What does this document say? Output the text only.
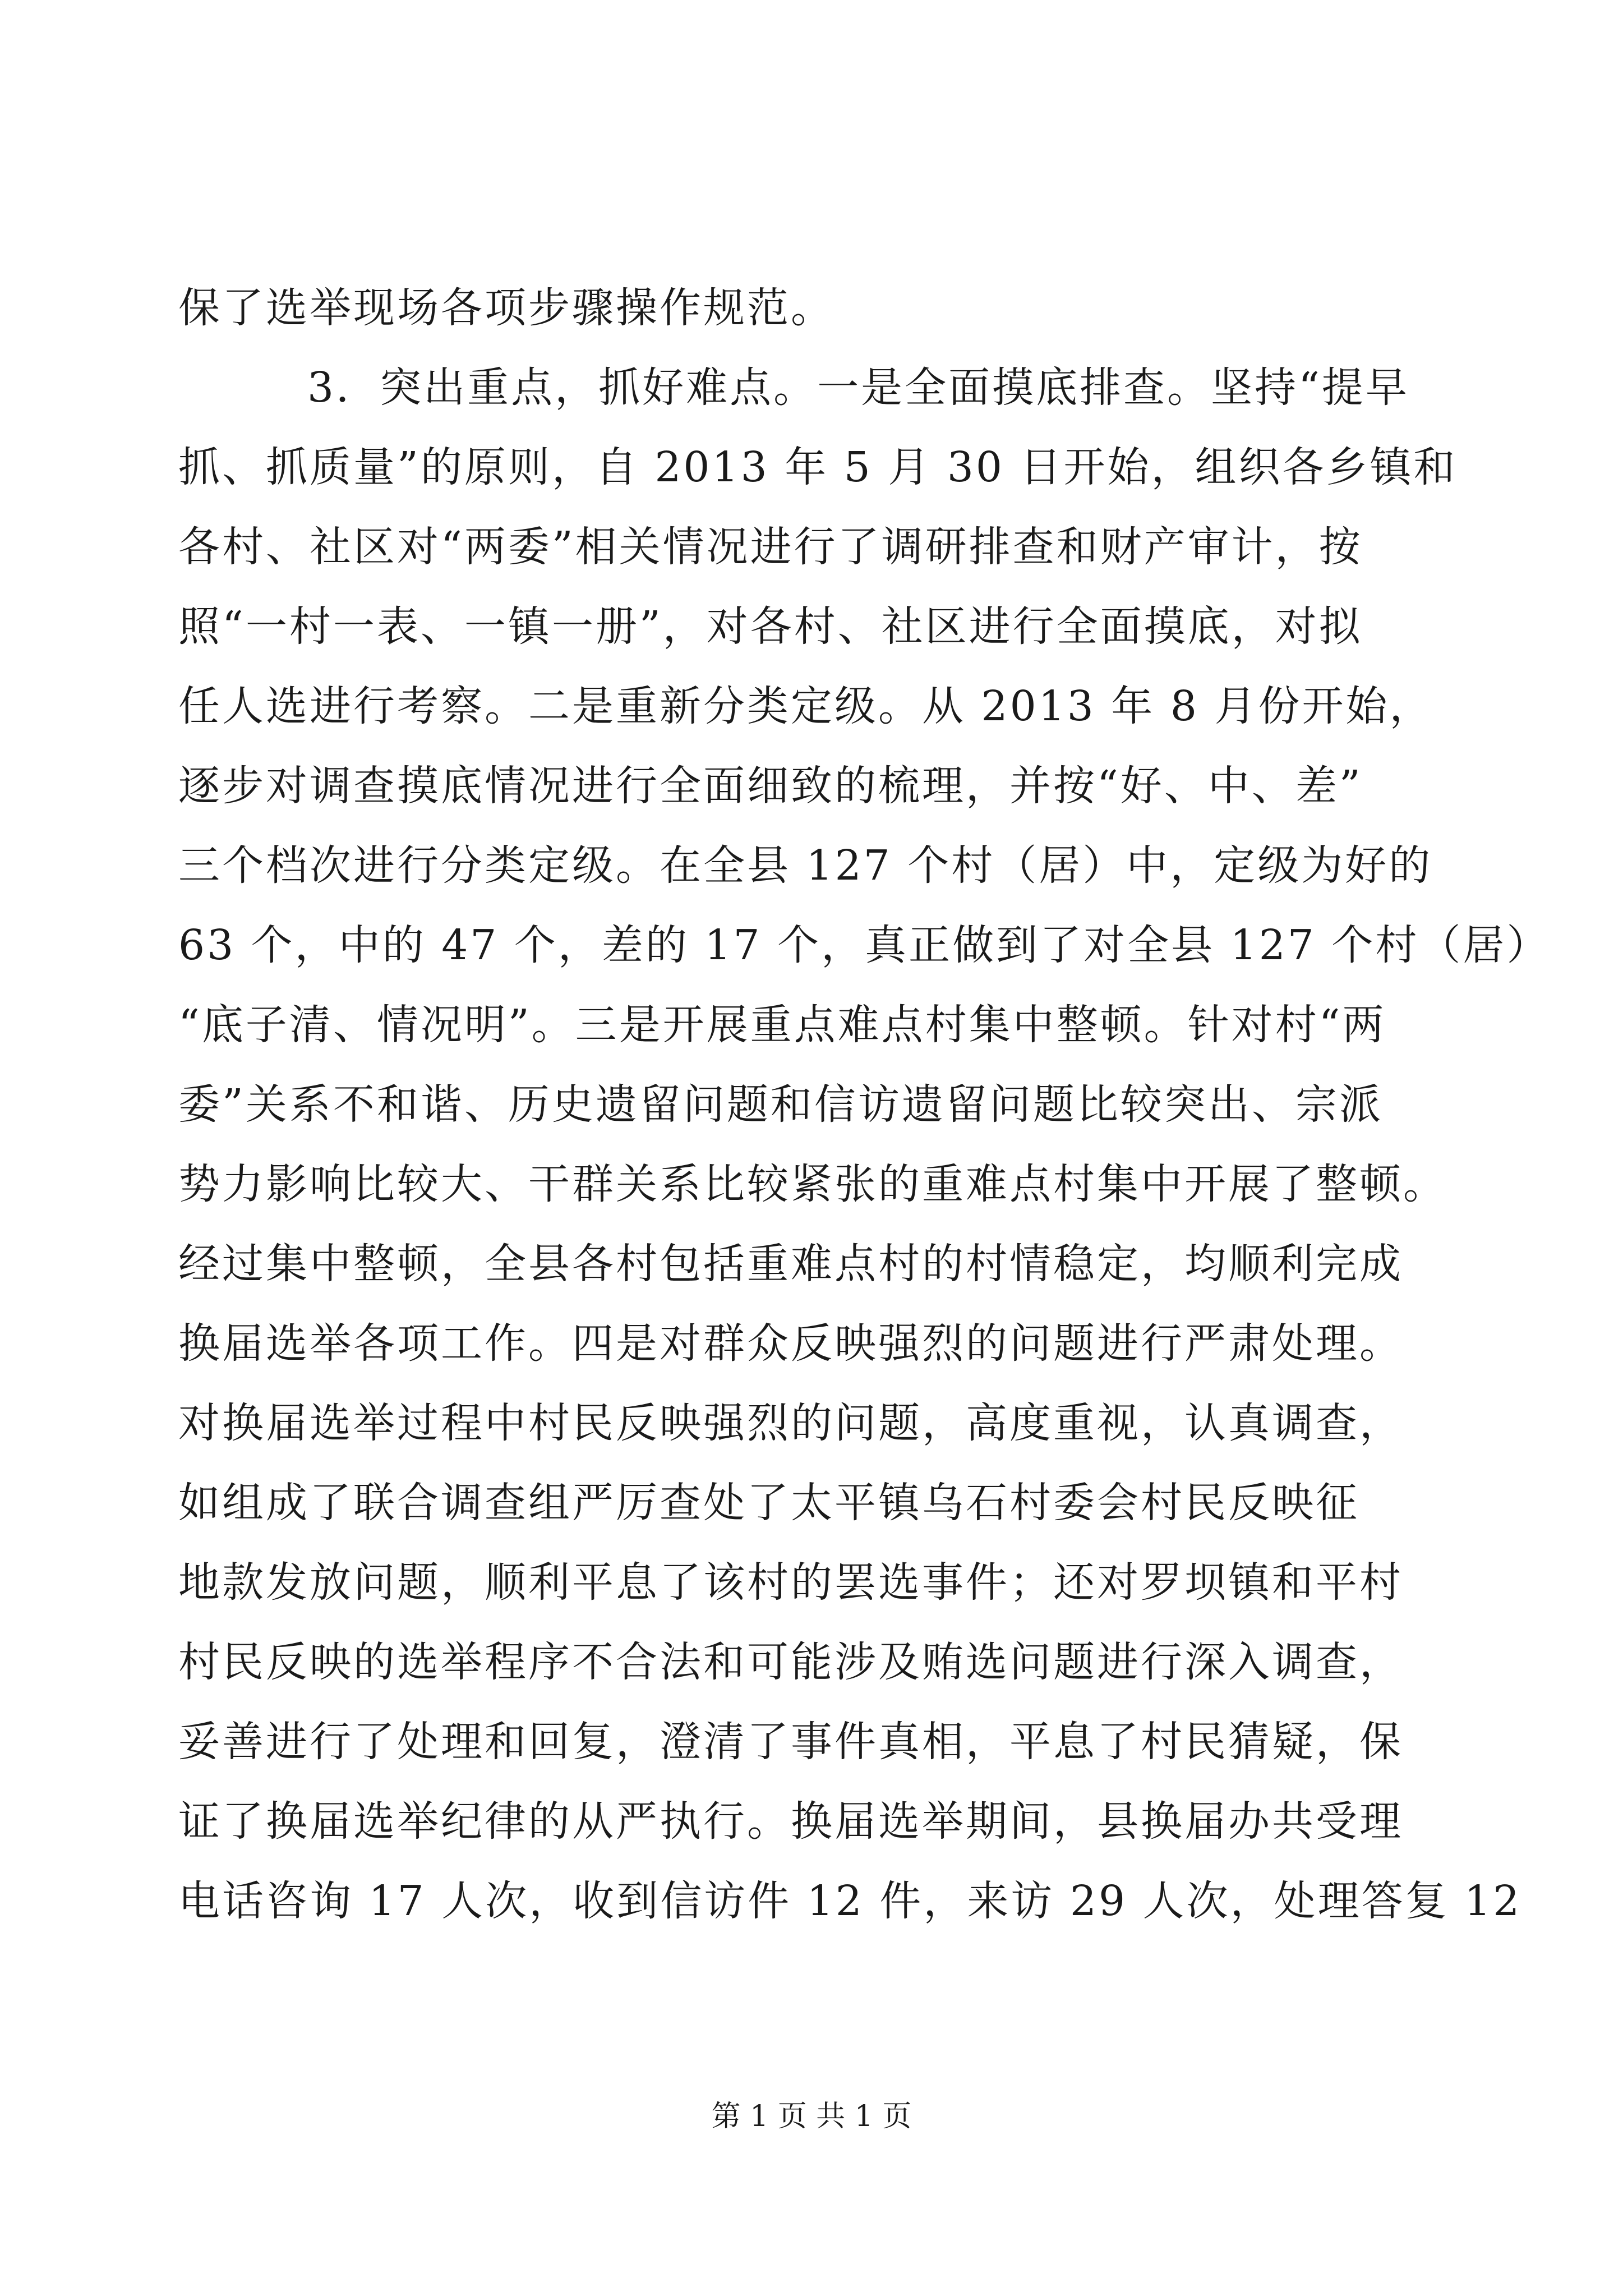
保了选举现场各项步骤操作规范。
3．突出重点，抓好难点。一是全面摸底排查。坚持“提早
抓、抓质量”的原则，自 2013 年 5 月 30 日开始，组织各乡镇和
各村、社区对“两委”相关情况进行了调研排查和财产审计，按
照“一村一表、一镇一册”，对各村、社区进行全面摸底，对拟
任人选进行考察。二是重新分类定级。从 2013 年 8 月份开始，
逐步对调查摸底情况进行全面细致的梳理，并按“好、中、差”
三个档次进行分类定级。在全县 127 个村（居）中，定级为好的
63 个，中的 47 个，差的 17 个，真正做到了对全县 127 个村（居）
“底子清、情况明”。三是开展重点难点村集中整顿。针对村“两
委”关系不和谐、历史遗留问题和信访遗留问题比较突出、宗派
势力影响比较大、干群关系比较紧张的重难点村集中开展了整顿。
经过集中整顿，全县各村包括重难点村的村情稳定，均顺利完成
换届选举各项工作。四是对群众反映强烈的问题进行严肃处理。
对换届选举过程中村民反映强烈的问题，高度重视，认真调查，
如组成了联合调查组严厉查处了太平镇乌石村委会村民反映征
地款发放问题，顺利平息了该村的罢选事件；还对罗坝镇和平村
村民反映的选举程序不合法和可能涉及贿选问题进行深入调查，
妥善进行了处理和回复，澄清了事件真相，平息了村民猜疑，保
证了换届选举纪律的从严执行。换届选举期间，县换届办共受理
电话咨询 17 人次，收到信访件 12 件，来访 29 人次，处理答复 12
第 1 页 共 1 页
